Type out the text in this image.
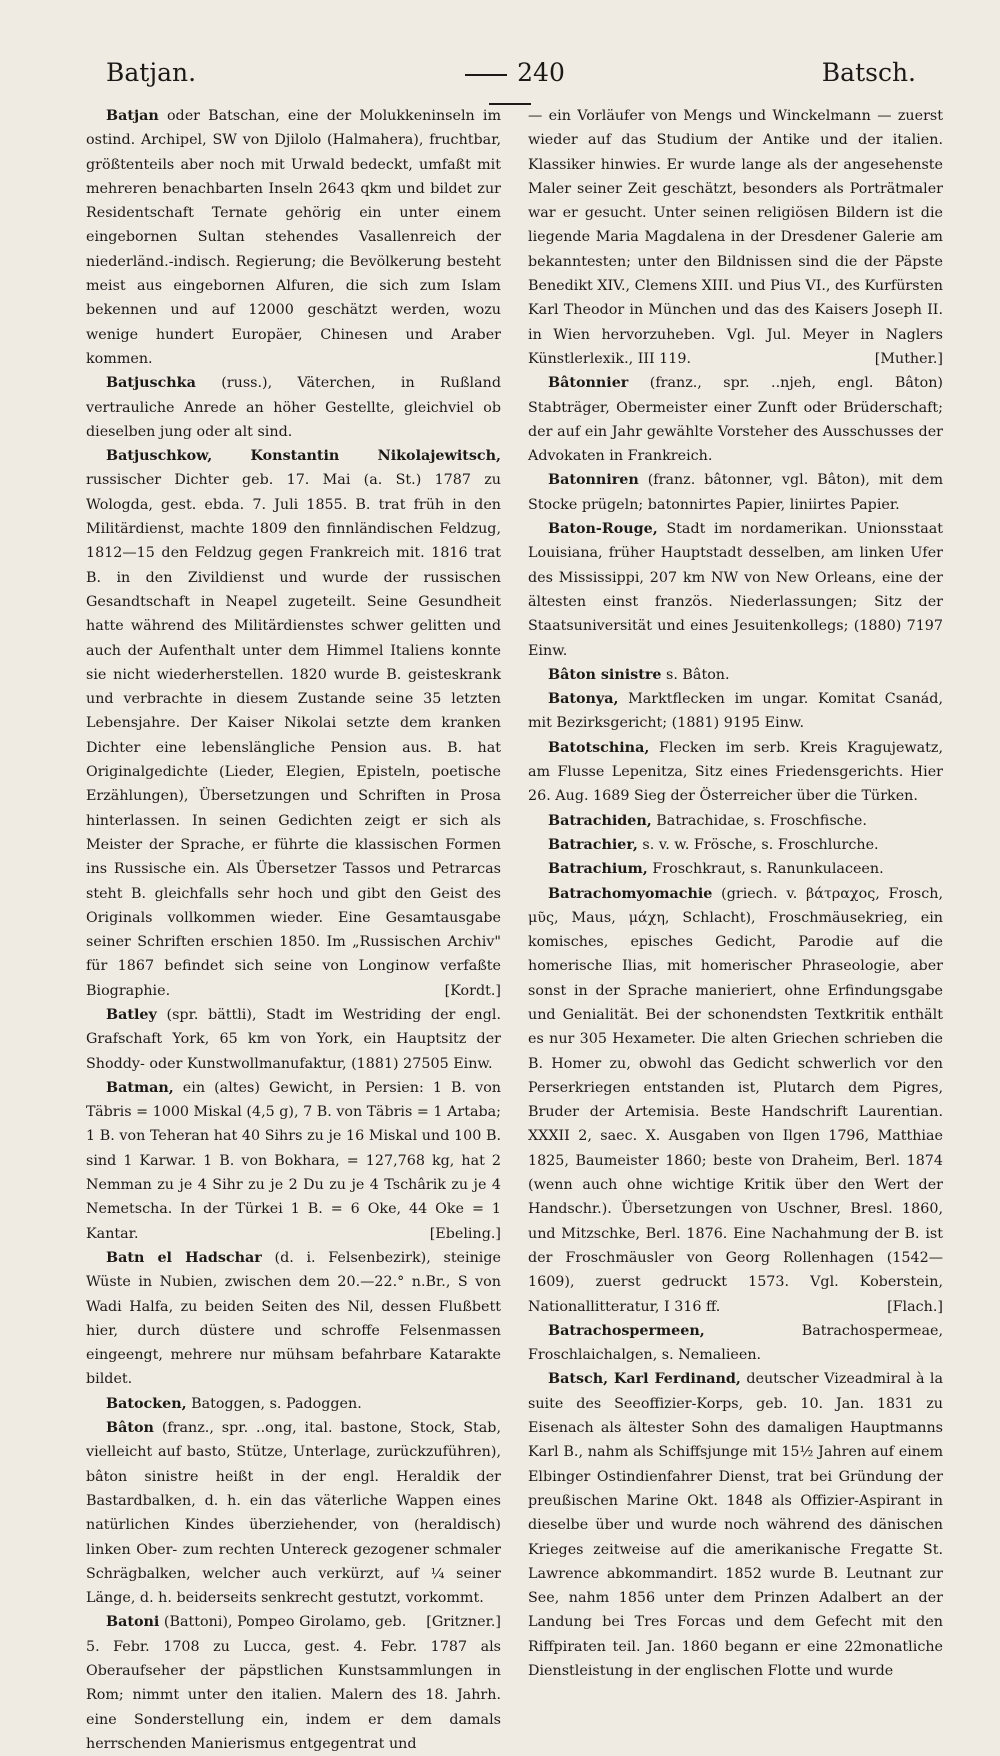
Batjan.	240	Batsch.

Batjan oder Batschan, eine der Molukkeninseln im ostind. Archipel, SW von Djilolo (Halmahera), fruchtbar, größtenteils aber noch mit Urwald bedeckt, umfaßt mit mehreren benachbarten Inseln 2643 qkm und bildet zur Residentschaft Ternate gehörig ein unter einem eingebornen Sultan stehendes Vasallenreich der niederländ.-indisch. Regierung; die Bevölkerung besteht meist aus eingebornen Alfuren, die sich zum Islam bekennen und auf 12000 geschätzt werden, wozu wenige hundert Europäer, Chinesen und Araber kommen.

Batjuschka (russ.), Väterchen, in Rußland vertrauliche Anrede an höher Gestellte, gleichviel ob dieselben jung oder alt sind.

Batjuschkow, Konstantin Nikolajewitsch, russischer Dichter geb. 17. Mai (a. St.) 1787 zu Wologda, gest. ebda. 7. Juli 1855. B. trat früh in den Militärdienst, machte 1809 den finnländischen Feldzug, 1812—15 den Feldzug gegen Frankreich mit. 1816 trat B. in den Zivildienst und wurde der russischen Gesandtschaft in Neapel zugeteilt. Seine Gesundheit hatte während des Militärdienstes schwer gelitten und auch der Aufenthalt unter dem Himmel Italiens konnte sie nicht wiederherstellen. 1820 wurde B. geisteskrank und verbrachte in diesem Zustande seine 35 letzten Lebensjahre. Der Kaiser Nikolai setzte dem kranken Dichter eine lebenslängliche Pension aus. B. hat Originalgedichte (Lieder, Elegien, Episteln, poetische Erzählungen), Übersetzungen und Schriften in Prosa hinterlassen. In seinen Gedichten zeigt er sich als Meister der Sprache, er führte die klassischen Formen ins Russische ein. Als Übersetzer Tassos und Petrarcas steht B. gleichfalls sehr hoch und gibt den Geist des Originals vollkommen wieder. Eine Gesamtausgabe seiner Schriften erschien 1850. Im „Russischen Archiv" für 1867 befindet sich seine von Longinow verfaßte Biographie.	[Kordt.]

Batley (spr. bättli), Stadt im Westriding der engl. Grafschaft York, 65 km von York, ein Hauptsitz der Shoddy- oder Kunstwollmanufaktur, (1881) 27505 Einw.

Batman, ein (altes) Gewicht, in Persien: 1 B. von Täbris = 1000 Miskal (4,5 g), 7 B. von Täbris = 1 Artaba; 1 B. von Teheran hat 40 Sihrs zu je 16 Miskal und 100 B. sind 1 Karwar. 1 B. von Bokhara, = 127,768 kg, hat 2 Nemman zu je 4 Sihr zu je 2 Du zu je 4 Tschârik zu je 4 Nemetscha. In der Türkei 1 B. = 6 Oke, 44 Oke = 1 Kantar.	[Ebeling.]

Batn el Hadschar (d. i. Felsenbezirk), steinige Wüste in Nubien, zwischen dem 20.—22.° n.Br., S von Wadi Halfa, zu beiden Seiten des Nil, dessen Flußbett hier, durch düstere und schroffe Felsenmassen eingeengt, mehrere nur mühsam befahrbare Katarakte bildet.

Batocken, Batoggen, s. Padoggen.

Bâton (franz., spr. ..ong, ital. bastone, Stock, Stab, vielleicht auf basto, Stütze, Unterlage, zurückzuführen), bâton sinistre heißt in der engl. Heraldik der Bastardbalken, d. h. ein das väterliche Wappen eines natürlichen Kindes überziehender, von (heraldisch) linken Ober- zum rechten Untereck gezogener schmaler Schrägbalken, welcher auch verkürzt, auf ¼ seiner Länge, d. h. beiderseits senkrecht gestutzt, vorkommt.
[Gritzner.]

Batoni (Battoni), Pompeo Girolamo, geb. 5. Febr. 1708 zu Lucca, gest. 4. Febr. 1787 als Oberaufseher der päpstlichen Kunstsammlungen in Rom; nimmt unter den italien. Malern des 18. Jahrh. eine Sonderstellung ein, indem er dem damals herrschenden Manierismus entgegentrat und

— ein Vorläufer von Mengs und Winckelmann — zuerst wieder auf das Studium der Antike und der italien. Klassiker hinwies. Er wurde lange als der angesehenste Maler seiner Zeit geschätzt, besonders als Porträtmaler war er gesucht. Unter seinen religiösen Bildern ist die liegende Maria Magdalena in der Dresdener Galerie am bekanntesten; unter den Bildnissen sind die der Päpste Benedikt XIV., Clemens XIII. und Pius VI., des Kurfürsten Karl Theodor in München und das des Kaisers Joseph II. in Wien hervorzuheben. Vgl. Jul. Meyer in Naglers Künstlerlexik., III 119.	[Muther.]

Bâtonnier (franz., spr. ..njeh, engl. Bâton) Stabträger, Obermeister einer Zunft oder Brüderschaft; der auf ein Jahr gewählte Vorsteher des Ausschusses der Advokaten in Frankreich.

Batonniren (franz. bâtonner, vgl. Bâton), mit dem Stocke prügeln; batonnirtes Papier, liniirtes Papier.

Baton-Rouge, Stadt im nordamerikan. Unionsstaat Louisiana, früher Hauptstadt desselben, am linken Ufer des Mississippi, 207 km NW von New Orleans, eine der ältesten einst französ. Niederlassungen; Sitz der Staatsuniversität und eines Jesuitenkollegs; (1880) 7197 Einw.

Bâton sinistre s. Bâton.

Batonya, Marktflecken im ungar. Komitat Csanád, mit Bezirksgericht; (1881) 9195 Einw.

Batotschina, Flecken im serb. Kreis Kragujewatz, am Flusse Lepenitza, Sitz eines Friedensgerichts. Hier 26. Aug. 1689 Sieg der Österreicher über die Türken.

Batrachiden, Batrachidae, s. Froschfische.

Batrachier, s. v. w. Frösche, s. Froschlurche.

Batrachium, Froschkraut, s. Ranunkulaceen.

Batrachomyomachie (griech. v. βάτραχος, Frosch, μῦς, Maus, μάχη, Schlacht), Froschmäusekrieg, ein komisches, episches Gedicht, Parodie auf die homerische Ilias, mit homerischer Phraseologie, aber sonst in der Sprache manieriert, ohne Erfindungsgabe und Genialität. Bei der schonendsten Textkritik enthält es nur 305 Hexameter. Die alten Griechen schrieben die B. Homer zu, obwohl das Gedicht schwerlich vor den Perserkriegen entstanden ist, Plutarch dem Pigres, Bruder der Artemisia. Beste Handschrift Laurentian. XXXII 2, saec. X. Ausgaben von Ilgen 1796, Matthiae 1825, Baumeister 1860; beste von Draheim, Berl. 1874 (wenn auch ohne wichtige Kritik über den Wert der Handschr.). Übersetzungen von Uschner, Bresl. 1860, und Mitzschke, Berl. 1876. Eine Nachahmung der B. ist der Froschmäusler von Georg Rollenhagen (1542—1609), zuerst gedruckt 1573. Vgl. Koberstein, Nationallitteratur, I 316 ff.	[Flach.]

Batrachospermeen,	Batrachospermeae, Froschlaichalgen, s. Nemalieen.

Batsch, Karl Ferdinand, deutscher Vizeadmiral à la suite des Seeoffizier-Korps, geb. 10. Jan. 1831 zu Eisenach als ältester Sohn des damaligen Hauptmanns Karl B., nahm als Schiffsjunge mit 15½ Jahren auf einem Elbinger Ostindienfahrer Dienst, trat bei Gründung der preußischen Marine Okt. 1848 als Offizier-Aspirant in dieselbe über und wurde noch während des dänischen Krieges zeitweise auf die amerikanische Fregatte St. Lawrence abkommandirt. 1852 wurde B. Leutnant zur See, nahm 1856 unter dem Prinzen Adalbert an der Landung bei Tres Forcas und dem Gefecht mit den Riffpiraten teil. Jan. 1860 begann er eine 22monatliche Dienstleistung in der englischen Flotte und wurde
